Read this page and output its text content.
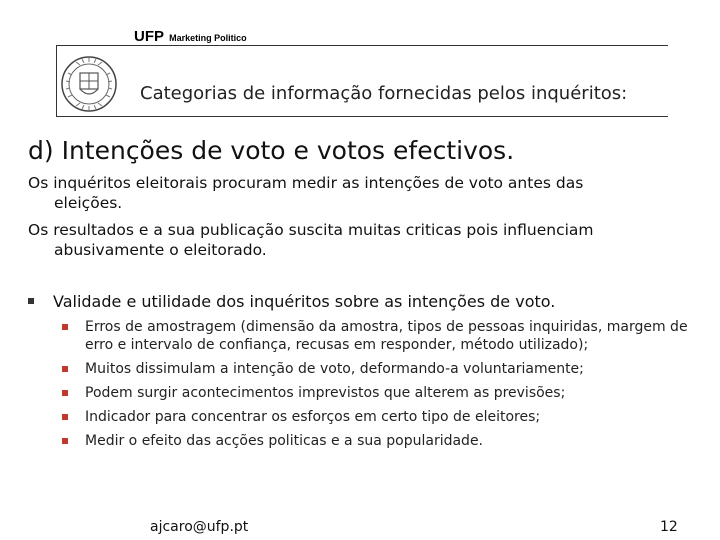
UFP Marketing Politico
Categorias de informação fornecidas pelos inquéritos:
d) Intenções de voto e votos efectivos.
Os inquéritos eleitorais procuram medir as intenções de voto antes das
eleições.
Os resultados e a sua publicação suscita muitas criticas pois influenciam
abusivamente o eleitorado.
Validade e utilidade dos inquéritos sobre as intenções de voto.
Erros de amostragem (dimensão da amostra, tipos de pessoas inquiridas, margem de erro e intervalo de confiança, recusas em responder, método utilizado);
Muitos dissimulam a intenção de voto, deformando-a voluntariamente;
Podem surgir acontecimentos imprevistos que alterem as previsões;
Indicador para concentrar os esforços em certo tipo de eleitores;
Medir o efeito das acções politicas e a sua popularidade.
ajcaro@ufp.pt	12
